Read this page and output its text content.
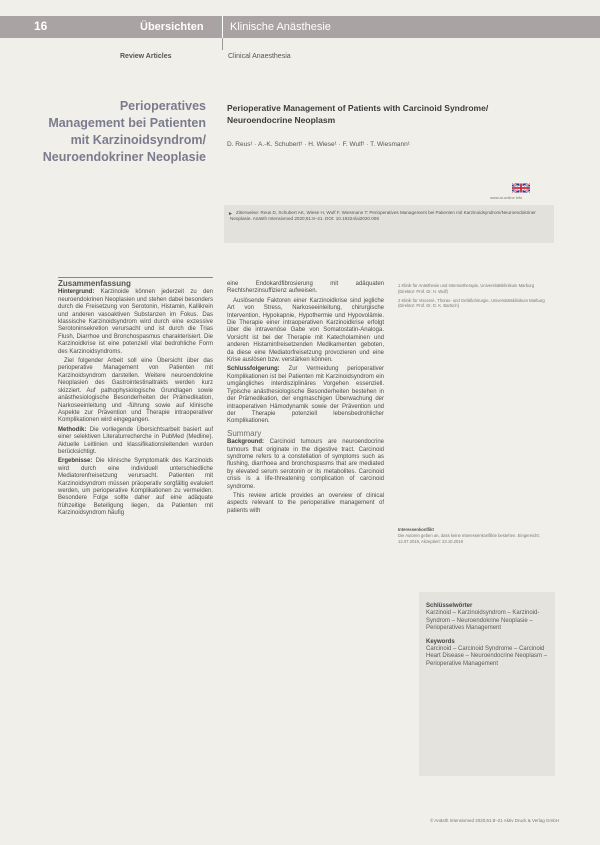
16	Übersichten Klinische Anästhesie
Review Articles	Clinical Anaesthesia
Perioperatives Management bei Patienten mit Karzinoidsyndrom/ Neuroendokriner Neoplasie
Perioperative Management of Patients with Carcinoid Syndrome/ Neuroendocrine Neoplasm
D. Reus¹ · A.-K. Schubert¹ · H. Wiese¹ · F. Wulf¹ · T. Wiesmann¹
www.ai-online.info
► Zitierweise: Reus D, Schubert AK, Wiese H, Wulf F, Wiesmann T: Perioperatives Management bei Patienten mit Karzinoidsyndrom/Neuroendokriner Neoplasie. Anästh Intensivmed 2020;61:8–21. DOI: 10.19224/ai2020.008
Zusammenfassung
Hintergrund: Karzinoide können jederzeit zu den neuroendokrinen Neoplasien und stehen dabei besonders durch die Freisetzung von Serotonin, Histamin, Kallikrein und anderen vasoaktiven Substanzen im Fokus. Das klassische Karzinoidsyndrom wird durch eine exzessive Serotoninsekretion verursacht und ist durch die Trias Flush, Diarrhoe und Bronchospasmus charakterisiert. Die Karzinoidkrise ist eine potenziell vital bedrohliche Form des Karzinoidsyndroms.
Ziel folgender Arbeit soll eine Übersicht über das perioperative Management von Patienten mit Karzinoidsyndrom darstellen. Weitere neuroendokrine Neoplasien des Gastrointestinaltrakts werden kurz skizziert. Auf pathophysiologische Grundlagen sowie anästhesiologische Besonderheiten der Prämedikation, Narkoseeinleitung und -führung sowie auf klinische Aspekte zur Prävention und Therapie intraoperativer Komplikationen wird eingegangen.
Methodik: Die vorliegende Übersichtsarbeit basiert auf einer selektiven Literaturrecherche in PubMed (Medline). Aktuelle Leitlinien und klassifikationsleitenden wurden berücksichtigt.
Ergebnisse: Die klinische Symptomatik des Karzinoids wird durch eine individuell unterschiedliche Mediatorenfreisetzung verursacht. Patienten mit Karzinoidsyndrom müssen präoperativ sorgfältig evaluiert werden, um perioperative Komplikationen zu vermeiden. Besondere Folge sollte daher auf eine adäquate frühzeitige Beteiligung liegen, da Patienten mit Karzinoidsyndrom häufig
eine Endokardfibrosierung mit adäquaten Rechtsherzinsuffizienz aufweisen.
Auslösende Faktoren einer Karzinoidkrise sind jegliche Art von Stress, Narkoseeinleitung, chirurgische Intervention, Hypokapnie, Hypothermie und Hypovolämie. Die Therapie einer intraoperativen Karzinoidkrise erfolgt über die intravenöse Gabe von Somatostatin-Analoga. Vorsicht ist bei der Therapie mit Katecholaminen und anderen Histaminfreisetzenden Medikamenten geboten, da diese eine Mediatorfreisetzung provozieren und eine Krise auslösen bzw. verstärken können.
Schlussfolgerung: Zur Vermeidung perioperativer Komplikationen ist bei Patienten mit Karzinoidsyndrom ein umgängliches interdisziplinäres Vorgehen essenziell. Typische anästhesiologische Besonderheiten bestehen in der Prämedikation, der engmaschigen Überwachung der intraoperativen Hämodynamik sowie der Prävention und der Therapie potenziell lebensbedrohlicher Komplikationen.
Summary
Background: Carcinoid tumours are neuroendocrine tumours that originate in the digestive tract. Carcinoid syndrome refers to a constellation of symptoms such as flushing, diarrhoea and bronchospasms that are mediated by elevated serum serotonin or its metabolites. Carcinoid crisis is a life-threatening complication of carcinoid syndrome.
This review article provides an overview of clinical aspects relevant to the perioperative management of patients with
1 Klinik für Anästhesie und Intensivtherapie, Universitätsklinikum Marburg (Direktor: Prof. Dr. H. Wulf)
2 Klinik für Visceral-, Thorax- und Gefäßchirurgie, Universitätsklinikum Marburg (Direktor: Prof. Dr. D. K. Bartsch)
Interessenkonflikt
Die Autoren geben an, dass keine Interessenkonflikte bestehen. Eingereicht: 12.07.2019, Akzeptiert: 23.10.2019
Schlüsselwörter
Karzinoid – Karzinoidsyndrom – Karzinoid-Syndrom – Neuroendokrine Neoplasie – Perioperatives Management
Keywords
Carcinoid – Carcinoid Syndrome – Carcinoid Heart Disease – Neuroendocrine Neoplasm – Perioperative Management
© Anästh Intensivmed 2020;61:8–21 Aktiv Druck & Verlag GmbH
